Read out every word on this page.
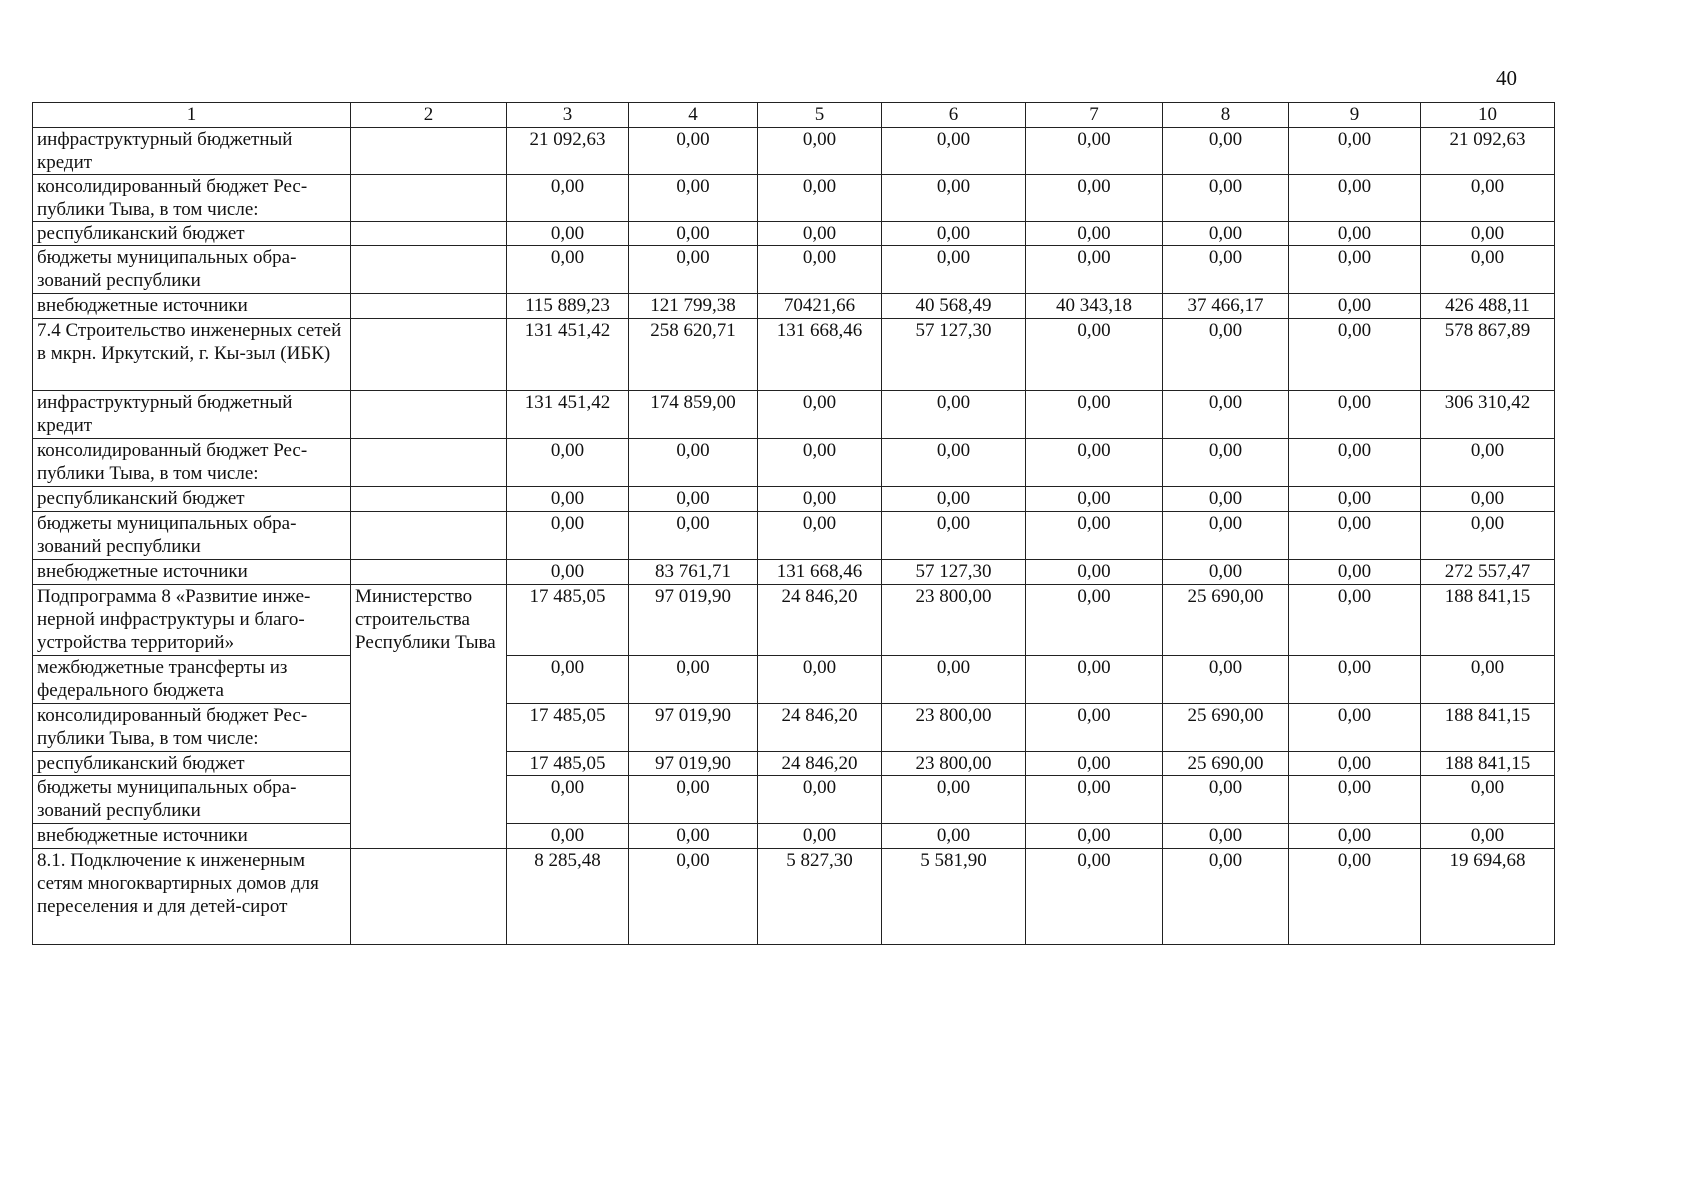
40
1	2	3	4	5	6	7	8	9	10
инфраструктурный бюджетный кредит		21 092,63	0,00	0,00	0,00	0,00	0,00	0,00	21 092,63
консолидированный бюджет Рес-публики Тыва, в том числе:		0,00	0,00	0,00	0,00	0,00	0,00	0,00	0,00
республиканский бюджет		0,00	0,00	0,00	0,00	0,00	0,00	0,00	0,00
бюджеты муниципальных обра-зований республики		0,00	0,00	0,00	0,00	0,00	0,00	0,00	0,00
внебюджетные источники		115 889,23	121 799,38	70421,66	40 568,49	40 343,18	37 466,17	0,00	426 488,11
7.4 Строительство инженерных сетей в мкрн. Иркутский, г. Кы-зыл (ИБК)		131 451,42	258 620,71	131 668,46	57 127,30	0,00	0,00	0,00	578 867,89
инфраструктурный бюджетный кредит		131 451,42	174 859,00	0,00	0,00	0,00	0,00	0,00	306 310,42
консолидированный бюджет Рес-публики Тыва, в том числе:		0,00	0,00	0,00	0,00	0,00	0,00	0,00	0,00
республиканский бюджет		0,00	0,00	0,00	0,00	0,00	0,00	0,00	0,00
бюджеты муниципальных обра-зований республики		0,00	0,00	0,00	0,00	0,00	0,00	0,00	0,00
внебюджетные источники		0,00	83 761,71	131 668,46	57 127,30	0,00	0,00	0,00	272 557,47
Подпрограмма 8 «Развитие инже-нерной инфраструктуры и благо-устройства территорий»	Министерство строительства Республики Тыва	17 485,05	97 019,90	24 846,20	23 800,00	0,00	25 690,00	0,00	188 841,15
межбюджетные трансферты из федерального бюджета		0,00	0,00	0,00	0,00	0,00	0,00	0,00	0,00
консолидированный бюджет Рес-публики Тыва, в том числе:		17 485,05	97 019,90	24 846,20	23 800,00	0,00	25 690,00	0,00	188 841,15
республиканский бюджет		17 485,05	97 019,90	24 846,20	23 800,00	0,00	25 690,00	0,00	188 841,15
бюджеты муниципальных обра-зований республики		0,00	0,00	0,00	0,00	0,00	0,00	0,00	0,00
внебюджетные источники		0,00	0,00	0,00	0,00	0,00	0,00	0,00	0,00
8.1. Подключение к инженерным сетям многоквартирных домов для переселения и для детей-сирот		8 285,48	0,00	5 827,30	5 581,90	0,00	0,00	0,00	19 694,68
